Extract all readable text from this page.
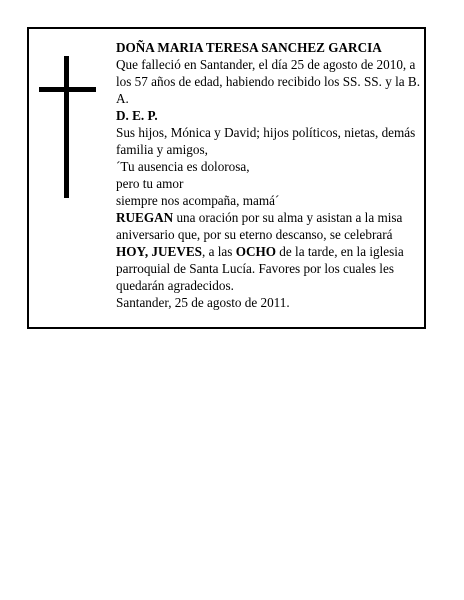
DOÑA MARIA TERESA SANCHEZ GARCIA

Que falleció en Santander, el día 25 de agosto de 2010, a los 57 años de edad, habiendo recibido los SS. SS. y la B. A.

D. E. P.

Sus hijos, Mónica y David; hijos políticos, nietas, demás familia y amigos,

´Tu ausencia es dolorosa,

pero tu amor

siempre nos acompaña, mamá´

RUEGAN una oración por su alma y asistan a la misa aniversario que, por su eterno descanso, se celebrará HOY, JUEVES, a las OCHO de la tarde, en la iglesia parroquial de Santa Lucía. Favores por los cuales les quedarán agradecidos.

Santander, 25 de agosto de 2011.
